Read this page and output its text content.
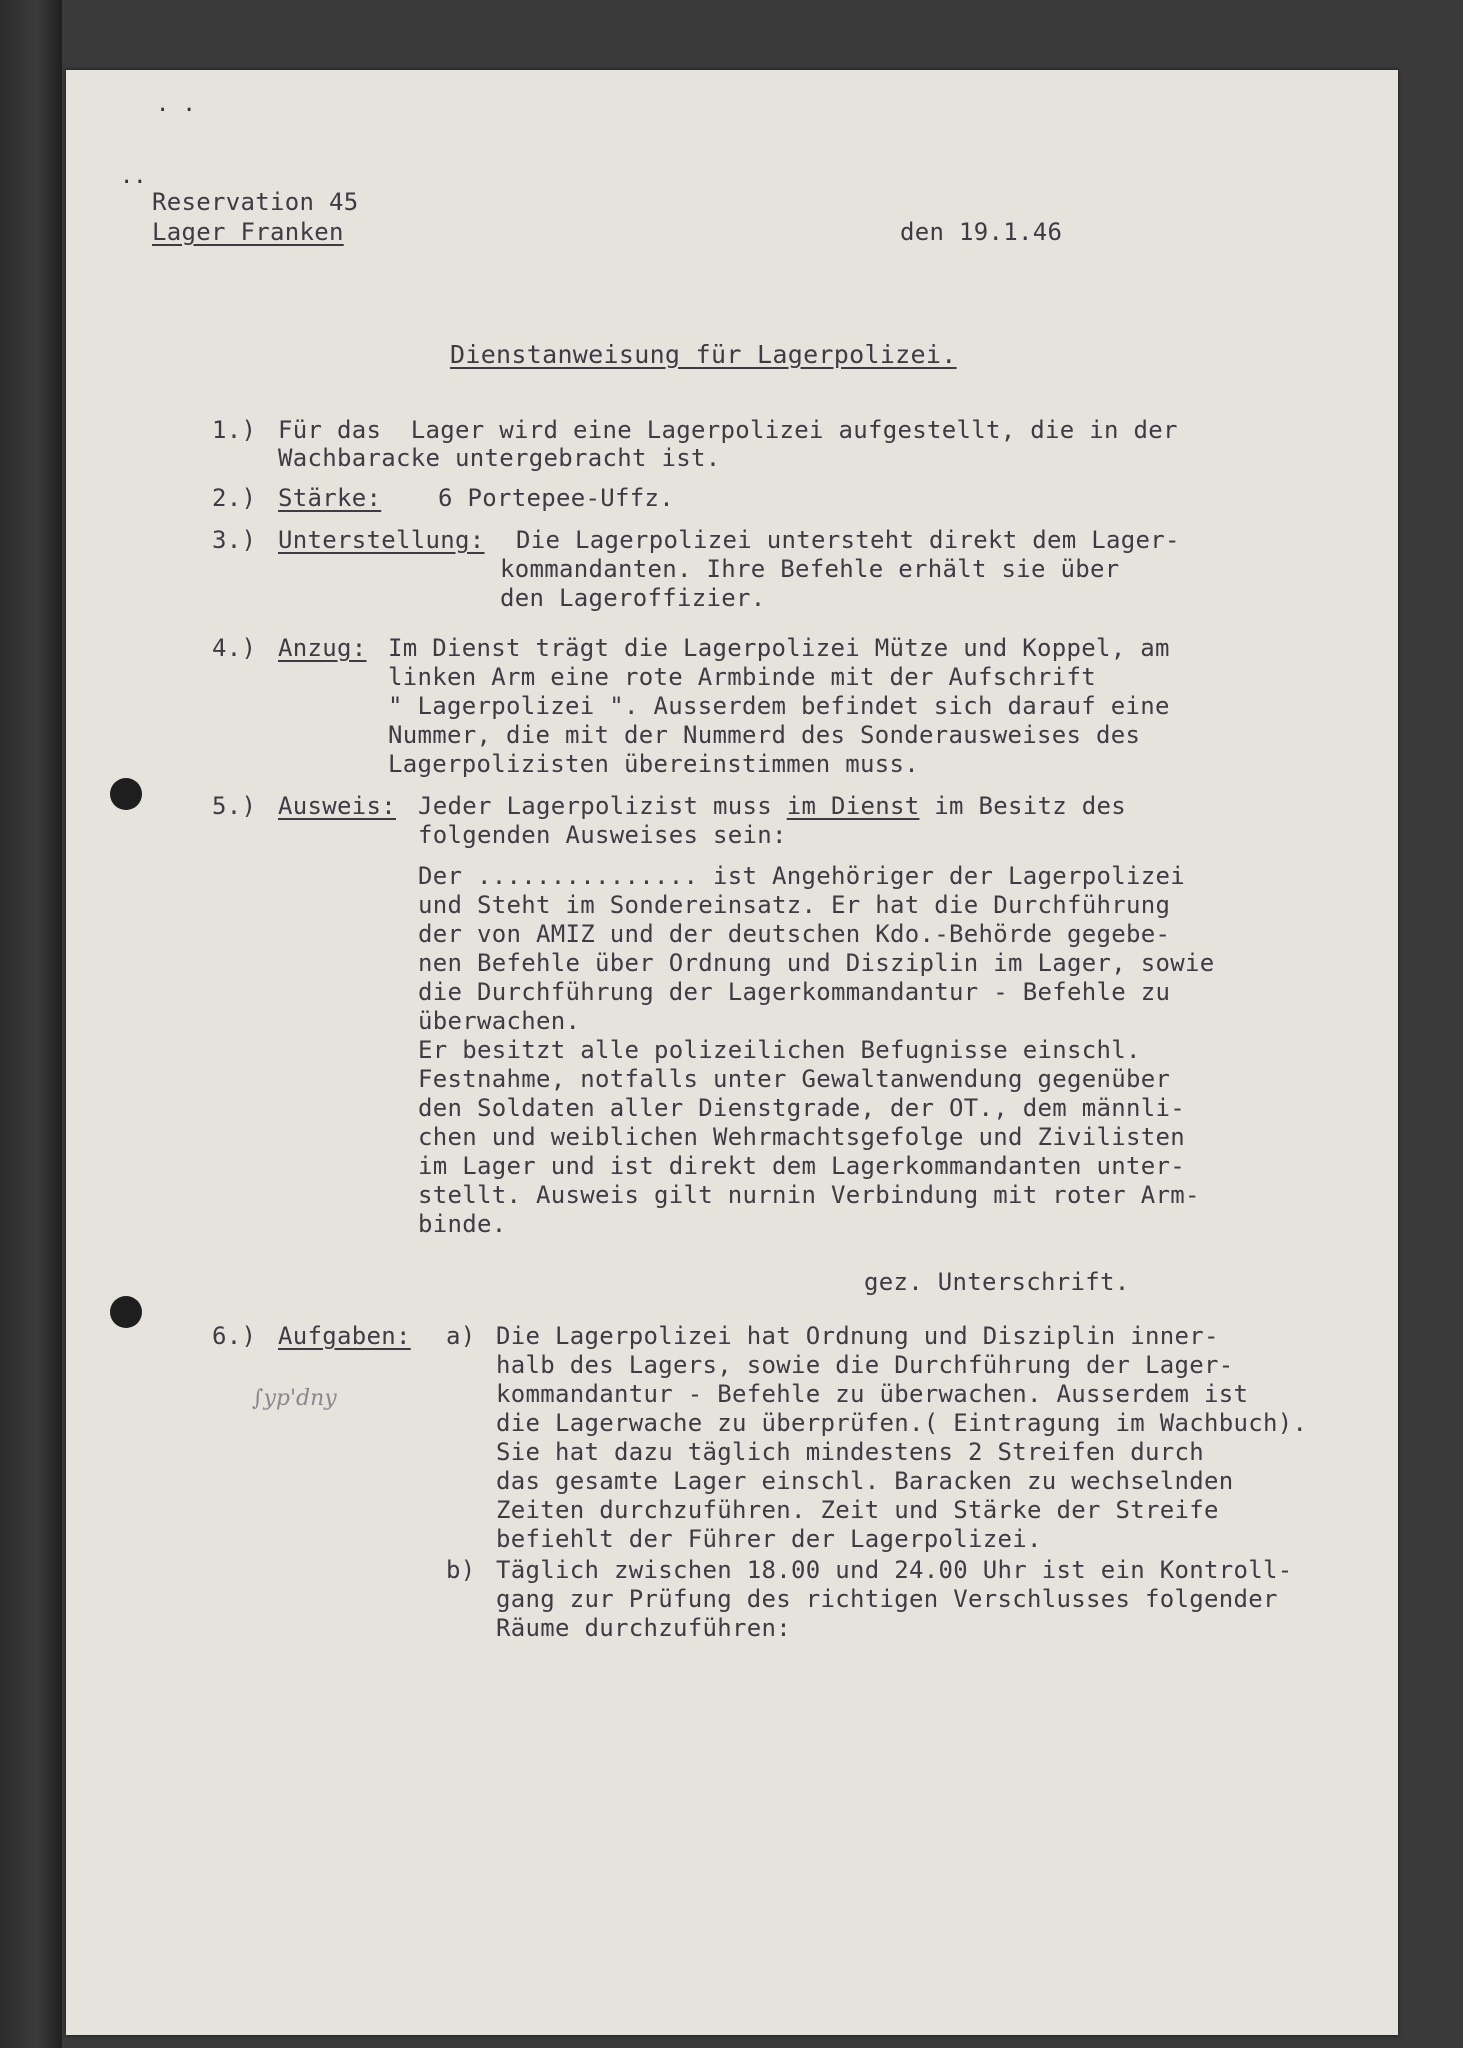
· ·
··
Reservation 45
Lager Franken	den 19.1.46
Dienstanweisung für Lagerpolizei.
1.) Für das  Lager wird eine Lagerpolizei aufgestellt, die in der
Wachbaracke untergebracht ist.
2.) Stärke: 6 Portepee-Uffz.
3.) Unterstellung: Die Lagerpolizei untersteht direkt dem Lager-
kommandanten. Ihre Befehle erhält sie über
den Lageroffizier.
4.) Anzug: Im Dienst trägt die Lagerpolizei Mütze und Koppel, am
linken Arm eine rote Armbinde mit der Aufschrift
" Lagerpolizei ". Ausserdem befindet sich darauf eine
Nummer, die mit der Nummerd des Sonderausweises des
Lagerpolizisten übereinstimmen muss.
5.) Ausweis: Jeder Lagerpolizist muss im Dienst im Besitz des
folgenden Ausweises sein:
Der ............... ist Angehöriger der Lagerpolizei
und Steht im Sondereinsatz. Er hat die Durchführung
der von AMIZ und der deutschen Kdo.-Behörde gegebe-
nen Befehle über Ordnung und Disziplin im Lager, sowie
die Durchführung der Lagerkommandantur - Befehle zu
überwachen.
Er besitzt alle polizeilichen Befugnisse einschl.
Festnahme, notfalls unter Gewaltanwendung gegenüber
den Soldaten aller Dienstgrade, der OT., dem männli-
chen und weiblichen Wehrmachtsgefolge und Zivilisten
im Lager und ist direkt dem Lagerkommandanten unter-
stellt. Ausweis gilt nurnin Verbindung mit roter Arm-
binde.
gez. Unterschrift.
6.) Aufgaben: a) Die Lagerpolizei hat Ordnung und Disziplin inner-
halb des Lagers, sowie die Durchführung der Lager-
kommandantur - Befehle zu überwachen. Ausserdem ist
die Lagerwache zu überprüfen.( Eintragung im Wachbuch).
Sie hat dazu täglich mindestens 2 Streifen durch
das gesamte Lager einschl. Baracken zu wechselnden
Zeiten durchzuführen. Zeit und Stärke der Streife
befiehlt der Führer der Lagerpolizei.
∫yp'dny
b) Täglich zwischen 18.00 und 24.00 Uhr ist ein Kontroll-
gang zur Prüfung des richtigen Verschlusses folgender
Räume durchzuführen:
